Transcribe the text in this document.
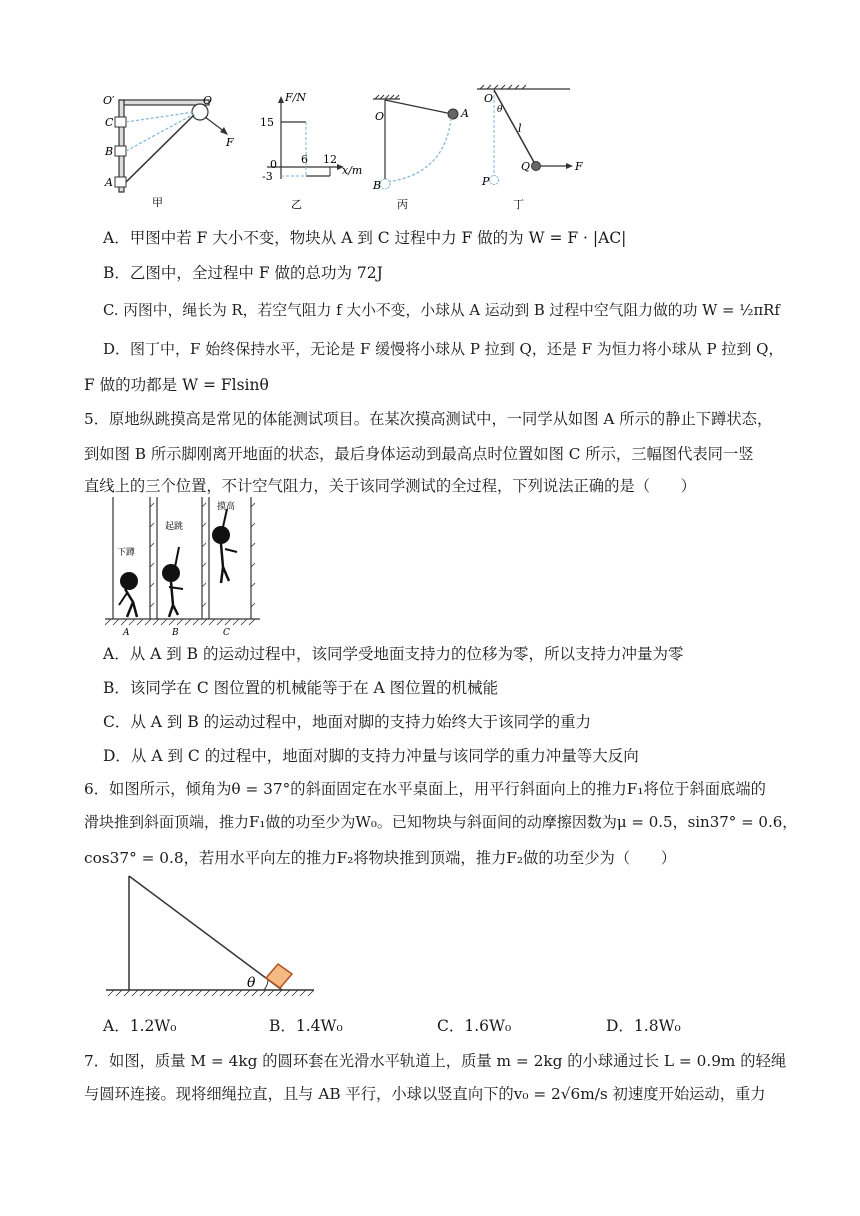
O′
C
B
A
O
F
甲
F/N
15
0
-3
6 12
x/m
乙
O	A
B
丙
O
θ
l
Q
P
F
丁
A．甲图中若 F 大小不变，物块从 A 到 C 过程中力 F 做的为 W = F · |AC|
B．乙图中，全过程中 F 做的总功为 72J
C. 丙图中，绳长为 R，若空气阻力 f 大小不变，小球从 A 运动到 B 过程中空气阻力做的功 W = ½πRf
D．图丁中，F 始终保持水平，无论是 F 缓慢将小球从 P 拉到 Q，还是 F 为恒力将小球从 P 拉到 Q，
F 做的功都是 W = Flsinθ
5．原地纵跳摸高是常见的体能测试项目。在某次摸高测试中，一同学从如图 A 所示的静止下蹲状态，
到如图 B 所示脚刚离开地面的状态，最后身体运动到最高点时位置如图 C 所示，三幅图代表同一竖
直线上的三个位置，不计空气阻力，关于该同学测试的全过程，下列说法正确的是（　　）
下蹲
起跳
摸高
A	B	C
A．从 A 到 B 的运动过程中，该同学受地面支持力的位移为零，所以支持力冲量为零
B．该同学在 C 图位置的机械能等于在 A 图位置的机械能
C．从 A 到 B 的运动过程中，地面对脚的支持力始终大于该同学的重力
D．从 A 到 C 的过程中，地面对脚的支持力冲量与该同学的重力冲量等大反向
6．如图所示，倾角为θ = 37°的斜面固定在水平桌面上，用平行斜面向上的推力F₁将位于斜面底端的
滑块推到斜面顶端，推力F₁做的功至少为W₀。已知物块与斜面间的动摩擦因数为μ = 0.5，sin37° = 0.6，
cos37° = 0.8，若用水平向左的推力F₂将物块推到顶端，推力F₂做的功至少为（　　）
θ
A．1.2W₀	B．1.4W₀	C．1.6W₀	D．1.8W₀
7．如图，质量 M = 4kg 的圆环套在光滑水平轨道上，质量 m = 2kg 的小球通过长 L = 0.9m 的轻绳
与圆环连接。现将细绳拉直，且与 AB 平行，小球以竖直向下的v₀ = 2√6m/s 初速度开始运动，重力
